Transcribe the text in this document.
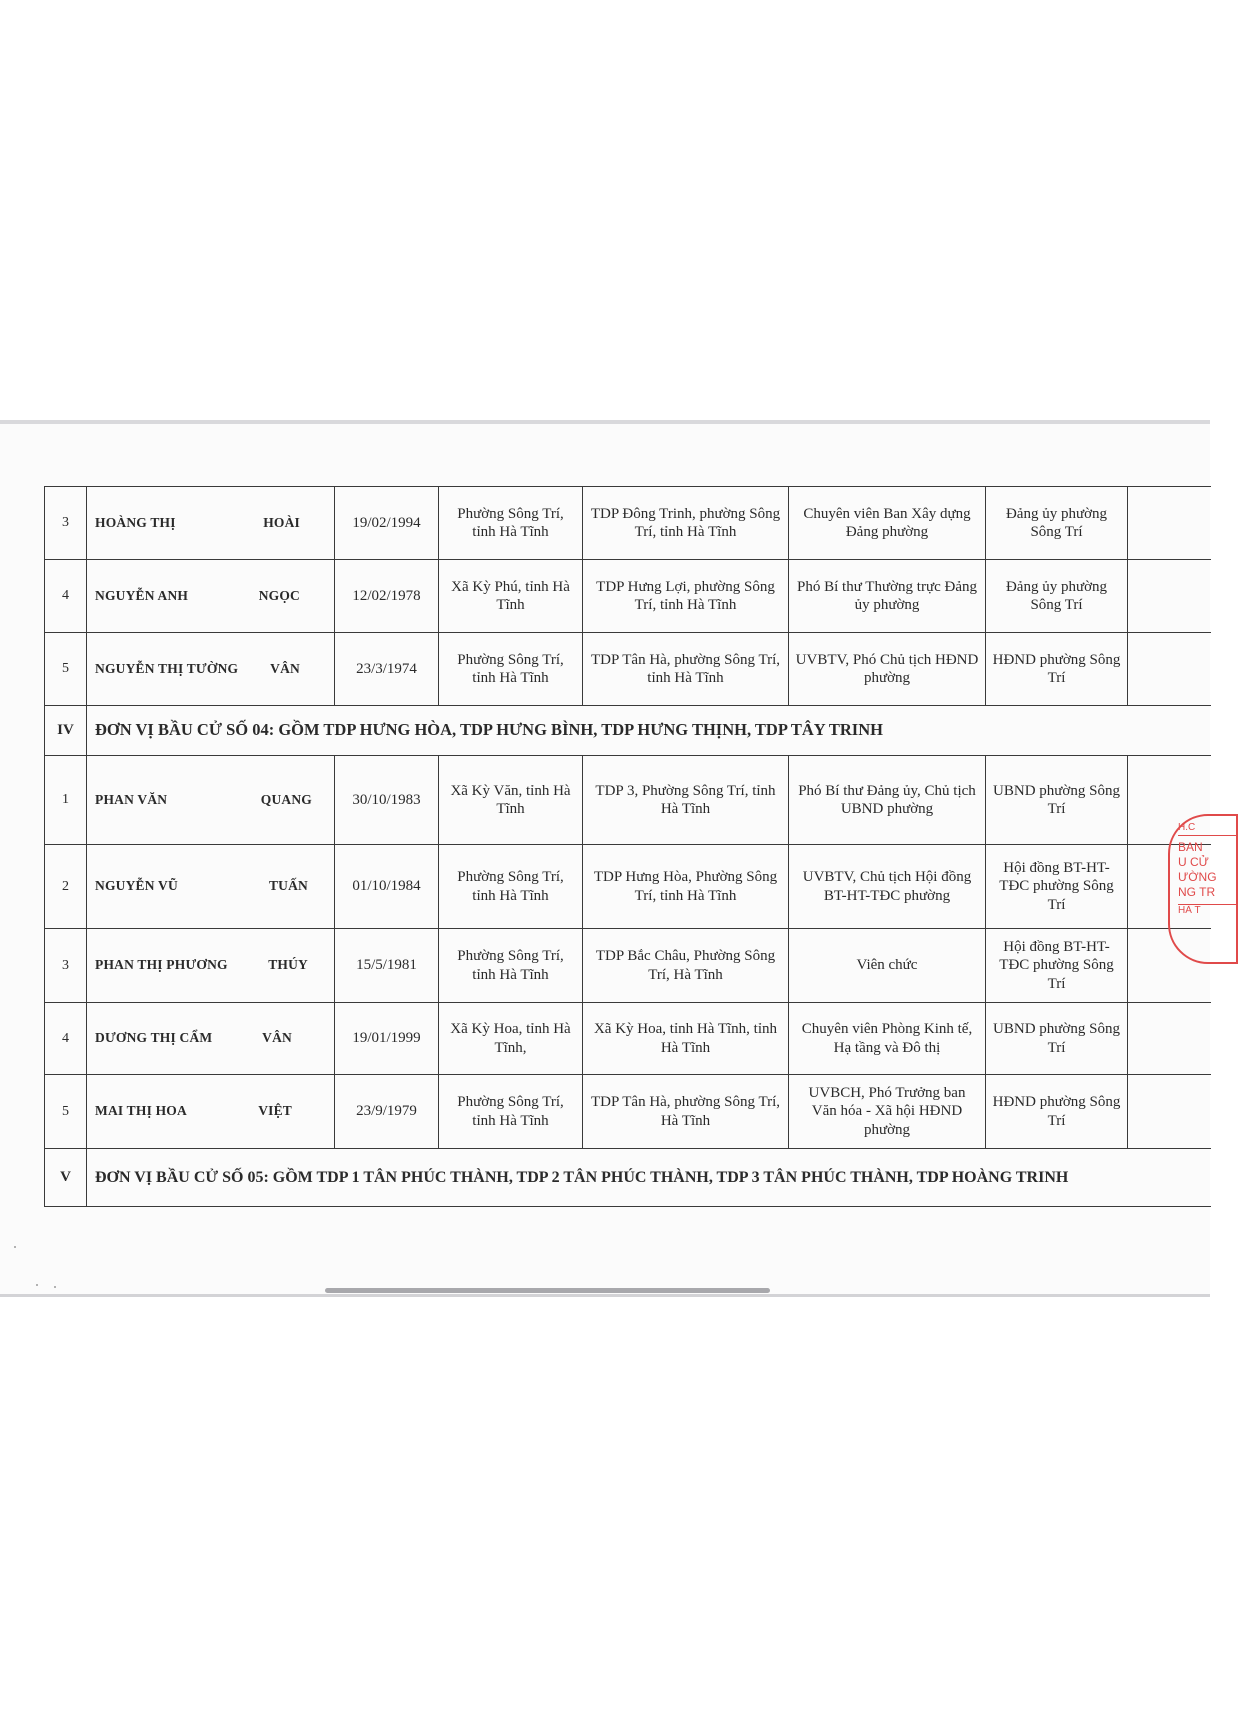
3	HOÀNG THỊ HOÀI	19/02/1994	Phường Sông Trí, tỉnh Hà Tĩnh	TDP Đông Trinh, phường Sông Trí, tỉnh Hà Tĩnh	Chuyên viên Ban Xây dựng Đảng phường	Đảng ủy phường Sông Trí	
4	NGUYỄN ANH NGỌC	12/02/1978	Xã Kỳ Phú, tỉnh Hà Tĩnh	TDP Hưng Lợi, phường Sông Trí, tỉnh Hà Tĩnh	Phó Bí thư Thường trực Đảng ủy phường	Đảng ủy phường Sông Trí	
5	NGUYỄN THỊ TƯỜNG VÂN	23/3/1974	Phường Sông Trí, tỉnh Hà Tĩnh	TDP Tân Hà, phường Sông Trí, tỉnh Hà Tĩnh	UVBTV, Phó Chủ tịch HĐND phường	HĐND phường Sông Trí	
IV	ĐƠN VỊ BẦU CỬ SỐ 04: GỒM TDP HƯNG HÒA, TDP HƯNG BÌNH, TDP HƯNG THỊNH, TDP TÂY TRINH						
1	PHAN VĂN QUANG	30/10/1983	Xã Kỳ Văn, tỉnh Hà Tĩnh	TDP 3, Phường Sông Trí, tỉnh Hà Tĩnh	Phó Bí thư Đảng ủy, Chủ tịch UBND phường	UBND phường Sông Trí	
2	NGUYỄN VŨ TUẤN	01/10/1984	Phường Sông Trí, tỉnh Hà Tĩnh	TDP Hưng Hòa, Phường Sông Trí, tỉnh Hà Tĩnh	UVBTV, Chủ tịch Hội đồng BT-HT-TĐC phường	Hội đồng BT-HT-TĐC phường Sông Trí	
3	PHAN THỊ PHƯƠNG THÚY	15/5/1981	Phường Sông Trí, tỉnh Hà Tĩnh	TDP Bắc Châu, Phường Sông Trí, Hà Tĩnh	Viên chức	Hội đồng BT-HT-TĐC phường Sông Trí	
4	DƯƠNG THỊ CẨM VÂN	19/01/1999	Xã Kỳ Hoa, tỉnh Hà Tĩnh,	Xã Kỳ Hoa, tỉnh Hà Tĩnh, tỉnh Hà Tĩnh	Chuyên viên Phòng Kinh tế, Hạ tầng và Đô thị	UBND phường Sông Trí	
5	MAI THỊ HOA VIỆT	23/9/1979	Phường Sông Trí, tỉnh Hà Tĩnh	TDP Tân Hà, phường Sông Trí, Hà Tĩnh	UVBCH, Phó Trưởng ban Văn hóa - Xã hội HĐND phường	HĐND phường Sông Trí	
V	ĐƠN VỊ BẦU CỬ SỐ 05: GỒM TDP 1 TÂN PHÚC THÀNH, TDP 2 TÂN PHÚC THÀNH, TDP 3 TÂN PHÚC THÀNH, TDP HOÀNG TRINH						
H.C
BAN
U CỬ
ƯỜNG
NG TR
HÀ T
